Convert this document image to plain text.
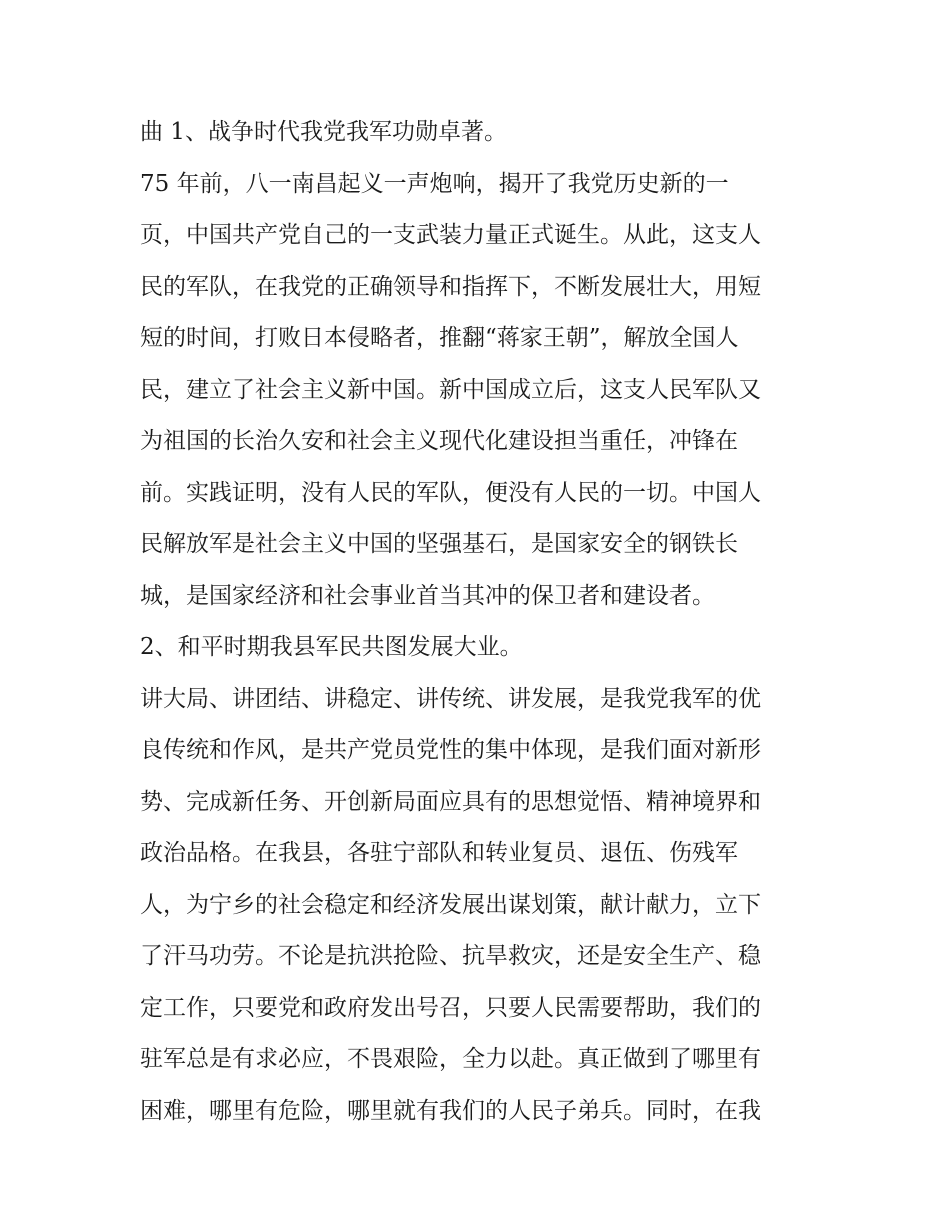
曲 1、战争时代我党我军功勋卓著。
75 年前，八一南昌起义一声炮响，揭开了我党历史新的一
页，中国共产党自己的一支武装力量正式诞生。从此，这支人
民的军队，在我党的正确领导和指挥下，不断发展壮大，用短
短的时间，打败日本侵略者，推翻“蒋家王朝”，解放全国人
民，建立了社会主义新中国。新中国成立后，这支人民军队又
为祖国的长治久安和社会主义现代化建设担当重任，冲锋在
前。实践证明，没有人民的军队，便没有人民的一切。中国人
民解放军是社会主义中国的坚强基石，是国家安全的钢铁长
城，是国家经济和社会事业首当其冲的保卫者和建设者。
2、和平时期我县军民共图发展大业。
讲大局、讲团结、讲稳定、讲传统、讲发展，是我党我军的优
良传统和作风，是共产党员党性的集中体现，是我们面对新形
势、完成新任务、开创新局面应具有的思想觉悟、精神境界和
政治品格。在我县，各驻宁部队和转业复员、退伍、伤残军
人，为宁乡的社会稳定和经济发展出谋划策，献计献力，立下
了汗马功劳。不论是抗洪抢险、抗旱救灾，还是安全生产、稳
定工作，只要党和政府发出号召，只要人民需要帮助，我们的
驻军总是有求必应，不畏艰险，全力以赴。真正做到了哪里有
困难，哪里有危险，哪里就有我们的人民子弟兵。同时，在我
